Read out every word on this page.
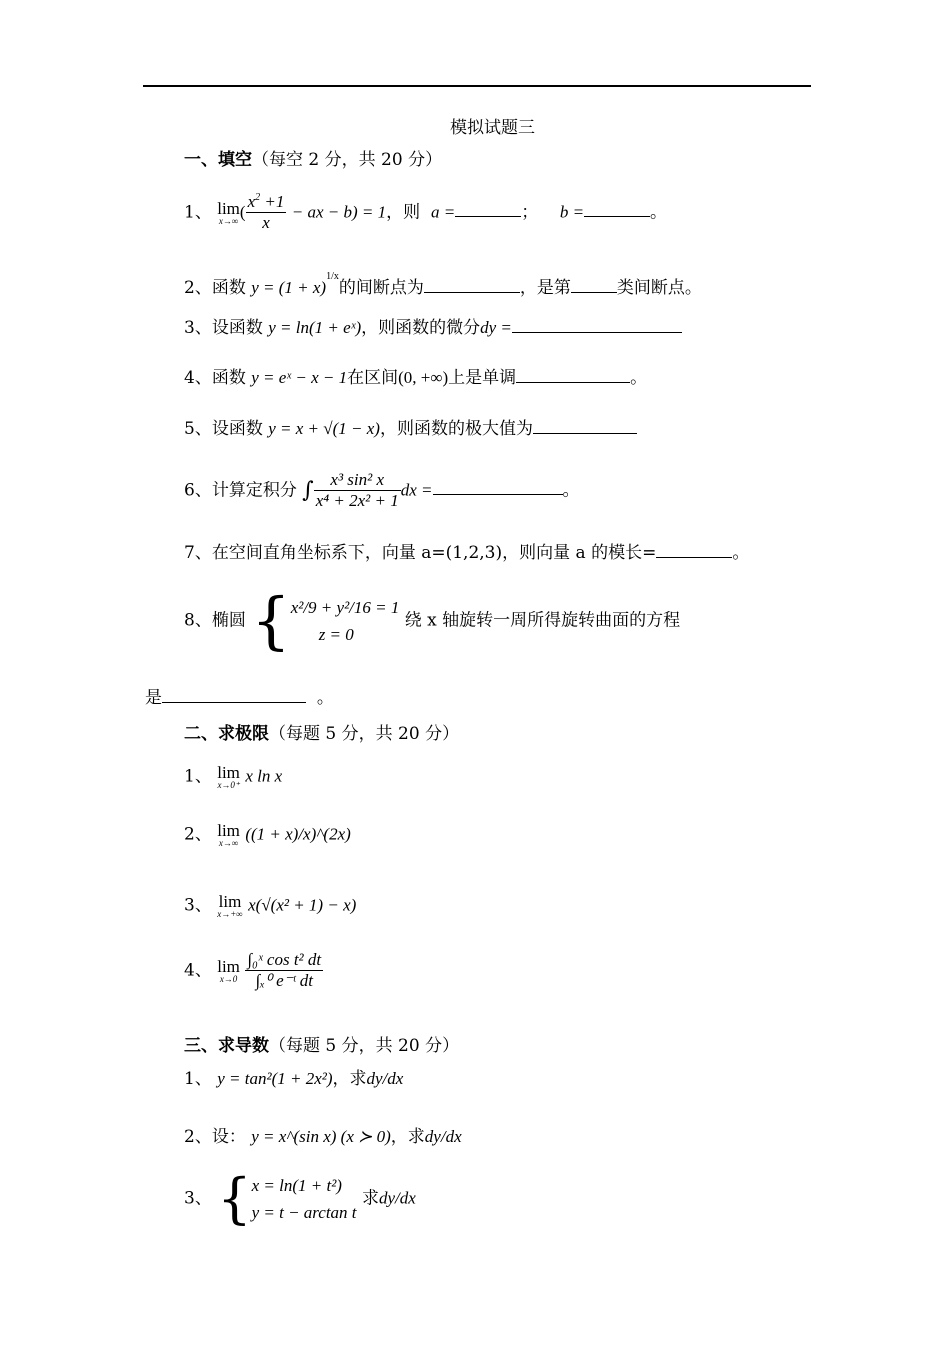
模拟试题三
一、填空（每空 2 分，共 20 分）
1、 lim
x→∞ ( $\frac{x^2 +1}{x}$ − ax − b) = 1，则 a =	； b =	。
2、函数 $y = (1 + x)^{1/x}$的间断点为	，是第	类间断点。
3、设函数 y = ln(1 + eˣ)，则函数的微分dy =
4、函数 y = eˣ − x − 1在区间(0, +∞)上是单调	。
5、设函数 y = x + √(1 − x)，则函数的极大值为
6、计算定积分 ∫ $\frac{\text{x³ sin² x}}{\text{x⁴ + 2x² + 1}}$ dx =	。
7、在空间直角坐标系下，向量 a=(1,2,3)，则向量 a 的模长=	。
8、椭圆 { x²/9 + y²/16 = 1
z = 0
绕 x 轴旋转一周所得旋转曲面的方程
是	。
二、求极限（每题 5 分，共 20 分）
1、 lim
x→0⁺ x ln x
2、 lim
x→∞ ((1 + x)/x)^(2x)
3、 lim
x→+∞ x(√(x² + 1) − x)
4、 lim
x→0
$\frac{\text{∫₀ˣ cos t² dt}}{\text{∫ₓ⁰ e⁻ᵗ dt}}$
三、求导数（每题 5 分，共 20 分）
1、 y = tan²(1 + 2x²)，求dy/dx
2、设： y = x^(sin x) (x ≻ 0)，求dy/dx
3、 { x = ln(1 + t²)
y = t − arctan t
求dy/dx
